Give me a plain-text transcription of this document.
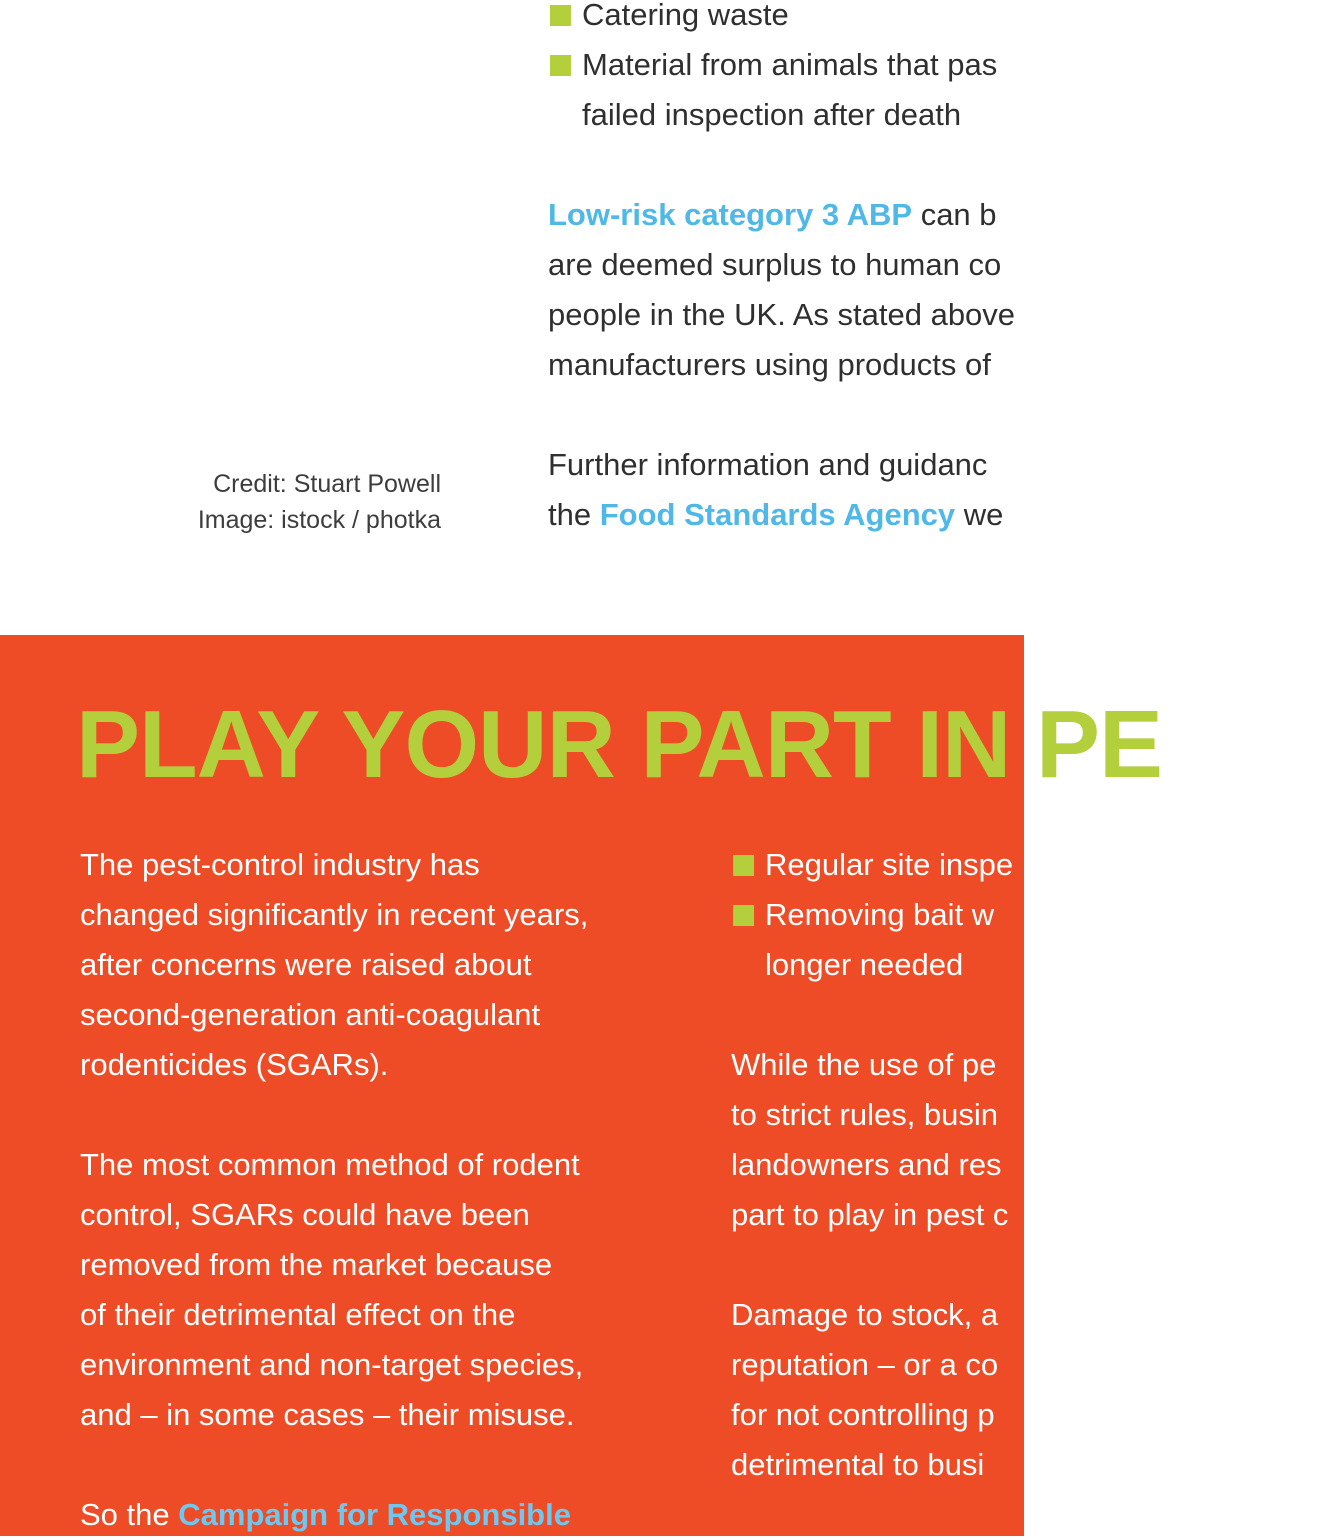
Credit: Stuart Powell
Image: istock / photka
Catering waste
Material from animals that pas
failed inspection after death
Low-risk category 3 ABP can b
are deemed surplus to human co
people in the UK. As stated above
manufacturers using products of
Further information and guidanc
the Food Standards Agency we
PLAY YOUR PART IN PE
The pest-control industry has
changed significantly in recent years,
after concerns were raised about
second-generation anti-coagulant
rodenticides (SGARs).
The most common method of rodent
control, SGARs could have been
removed from the market because
of their detrimental effect on the
environment and non-target species,
and – in some cases – their misuse.
So the Campaign for Responsible
Regular site inspe
Removing bait w
longer needed
While the use of pe
to strict rules, busin
landowners and res
part to play in pest c
Damage to stock, a
reputation – or a co
for not controlling p
detrimental to busi
